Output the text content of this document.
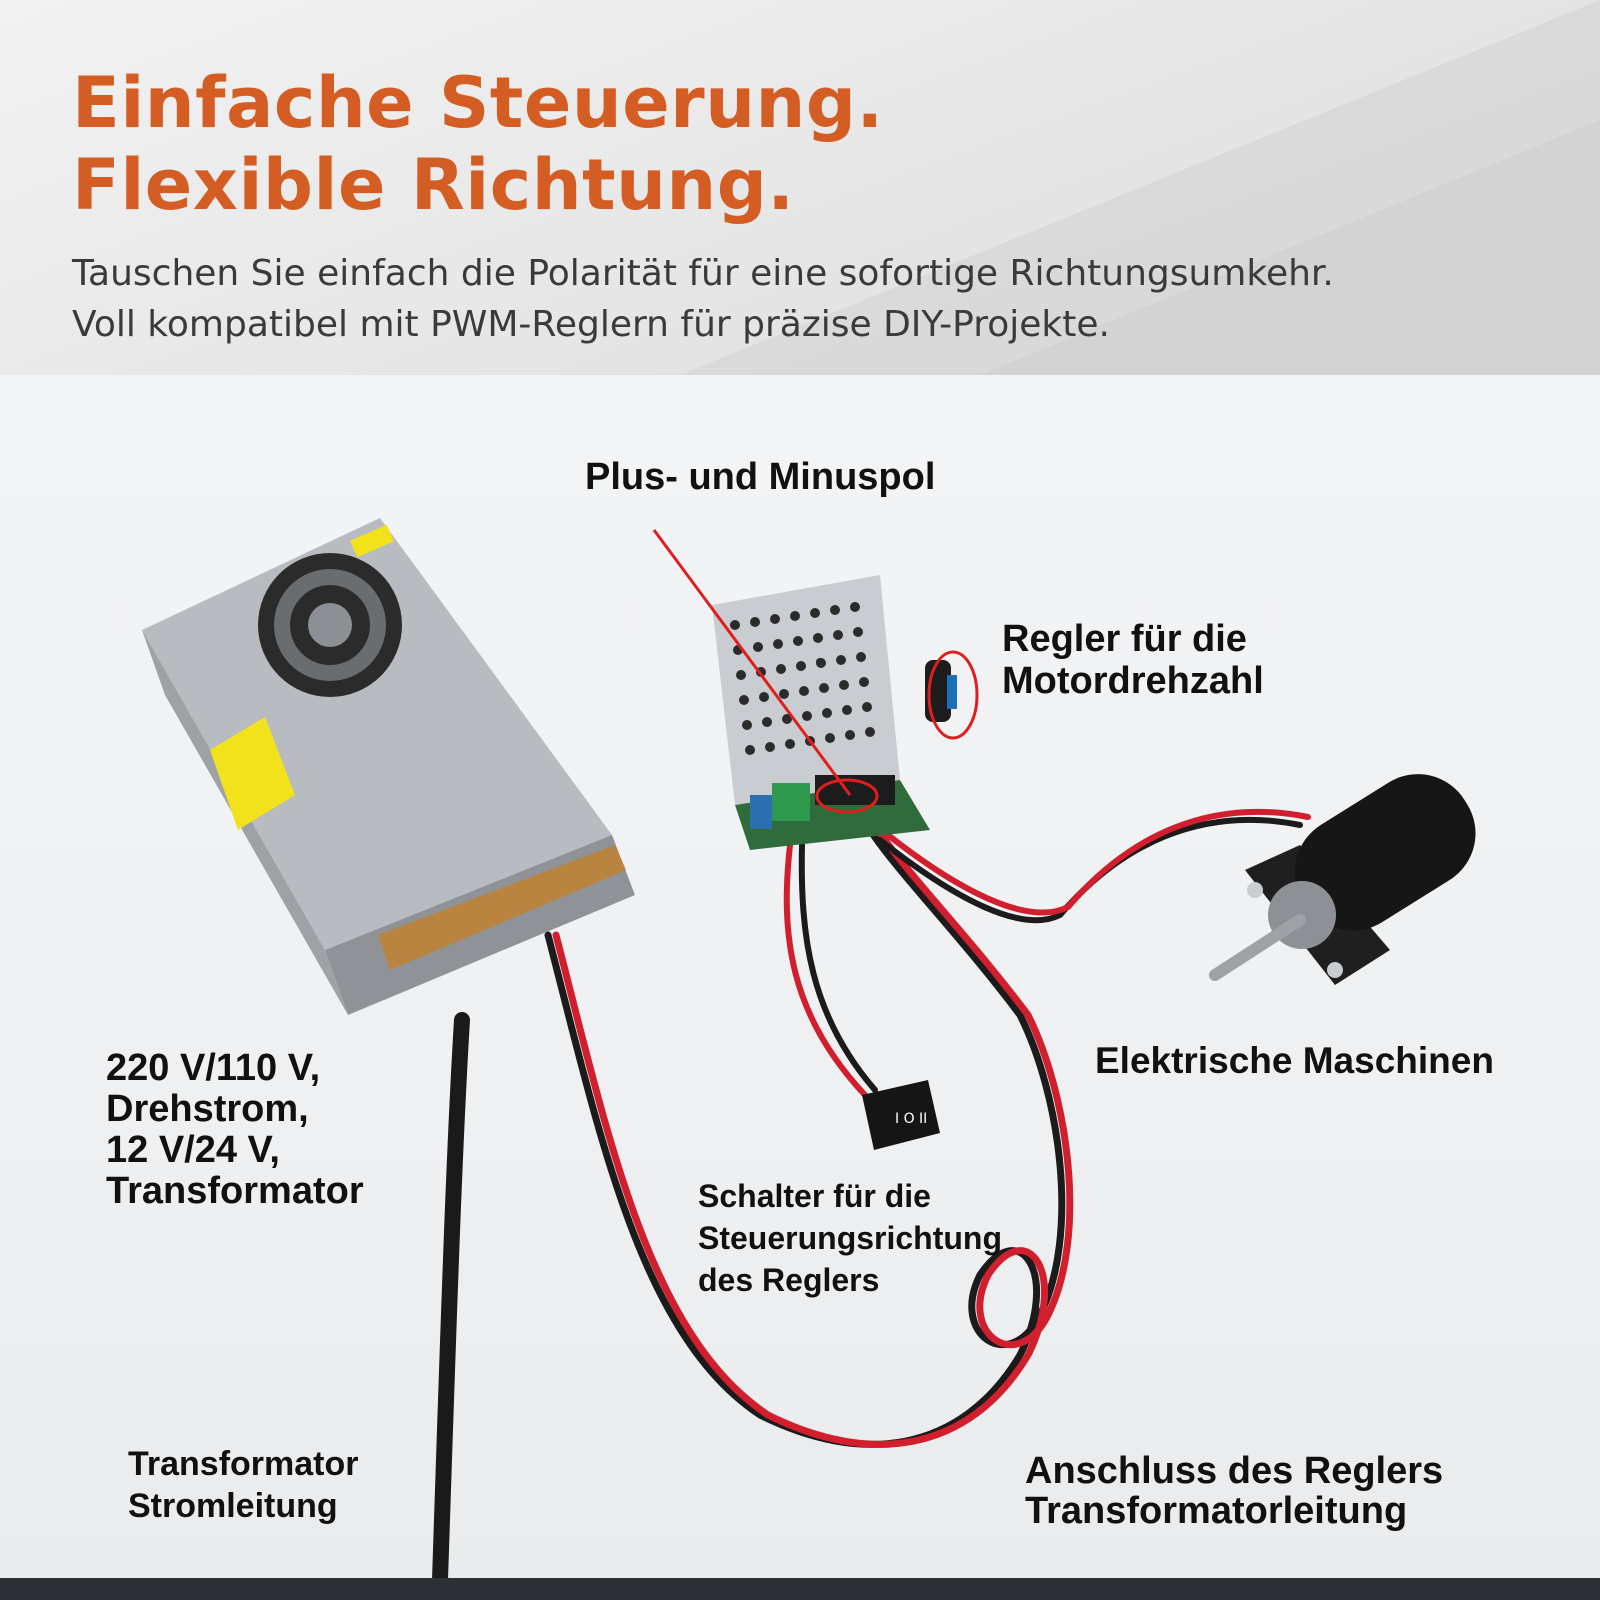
Einfache Steuerung.
Flexible Richtung.

Tauschen Sie einfach die Polarität für eine sofortige Richtungsumkehr.
Voll kompatibel mit PWM-Reglern für präzise DIY-Projekte.

I O II

Plus- und Minuspol

Regler für die
Motordrehzahl

Elektrische Maschinen

220 V/110 V,
Drehstrom,
12 V/24 V,
Transformator	Schalter für die
Steuerungsrichtung
des Reglers

Transformator
Stromleitung

Anschluss des Reglers
Transformatorleitung
